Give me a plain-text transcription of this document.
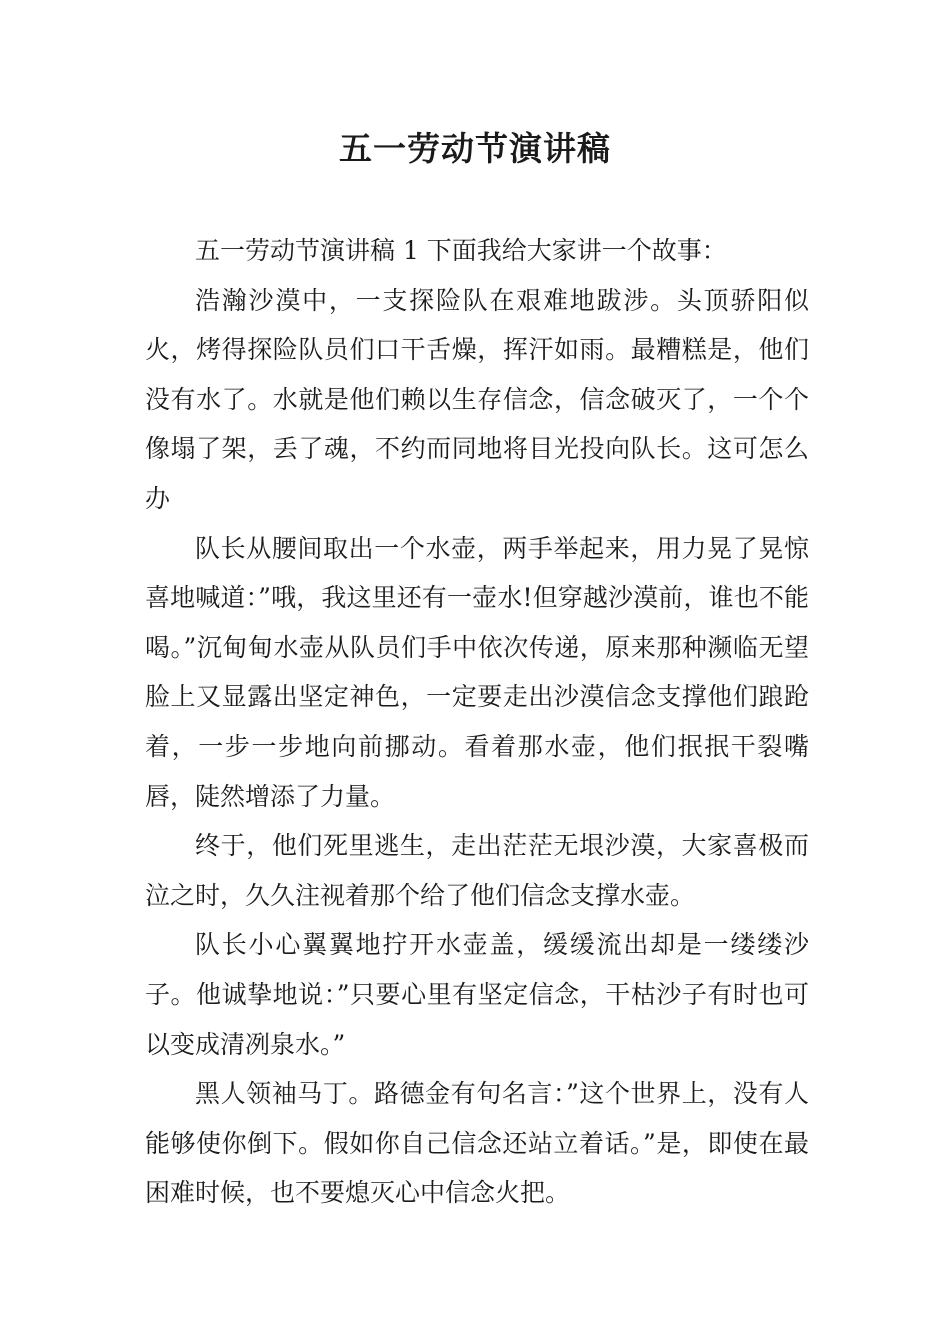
五一劳动节演讲稿

五一劳动节演讲稿 1 下面我给大家讲一个故事：

浩瀚沙漠中，一支探险队在艰难地跋涉。头顶骄阳似火，烤得探险队员们口干舌燥，挥汗如雨。最糟糕是，他们没有水了。水就是他们赖以生存信念，信念破灭了，一个个像塌了架，丢了魂，不约而同地将目光投向队长。这可怎么办

队长从腰间取出一个水壶，两手举起来，用力晃了晃惊喜地喊道：”哦，我这里还有一壶水!但穿越沙漠前，谁也不能喝。”沉甸甸水壶从队员们手中依次传递，原来那种濒临无望脸上又显露出坚定神色，一定要走出沙漠信念支撑他们踉跄着，一步一步地向前挪动。看着那水壶，他们抿抿干裂嘴唇，陡然增添了力量。

终于，他们死里逃生，走出茫茫无垠沙漠，大家喜极而泣之时，久久注视着那个给了他们信念支撑水壶。

队长小心翼翼地拧开水壶盖，缓缓流出却是一缕缕沙子。他诚挚地说：”只要心里有坚定信念，干枯沙子有时也可以变成清冽泉水。”

黑人领袖马丁。路德金有句名言：”这个世界上，没有人能够使你倒下。假如你自己信念还站立着话。”是，即使在最困难时候，也不要熄灭心中信念火把。
